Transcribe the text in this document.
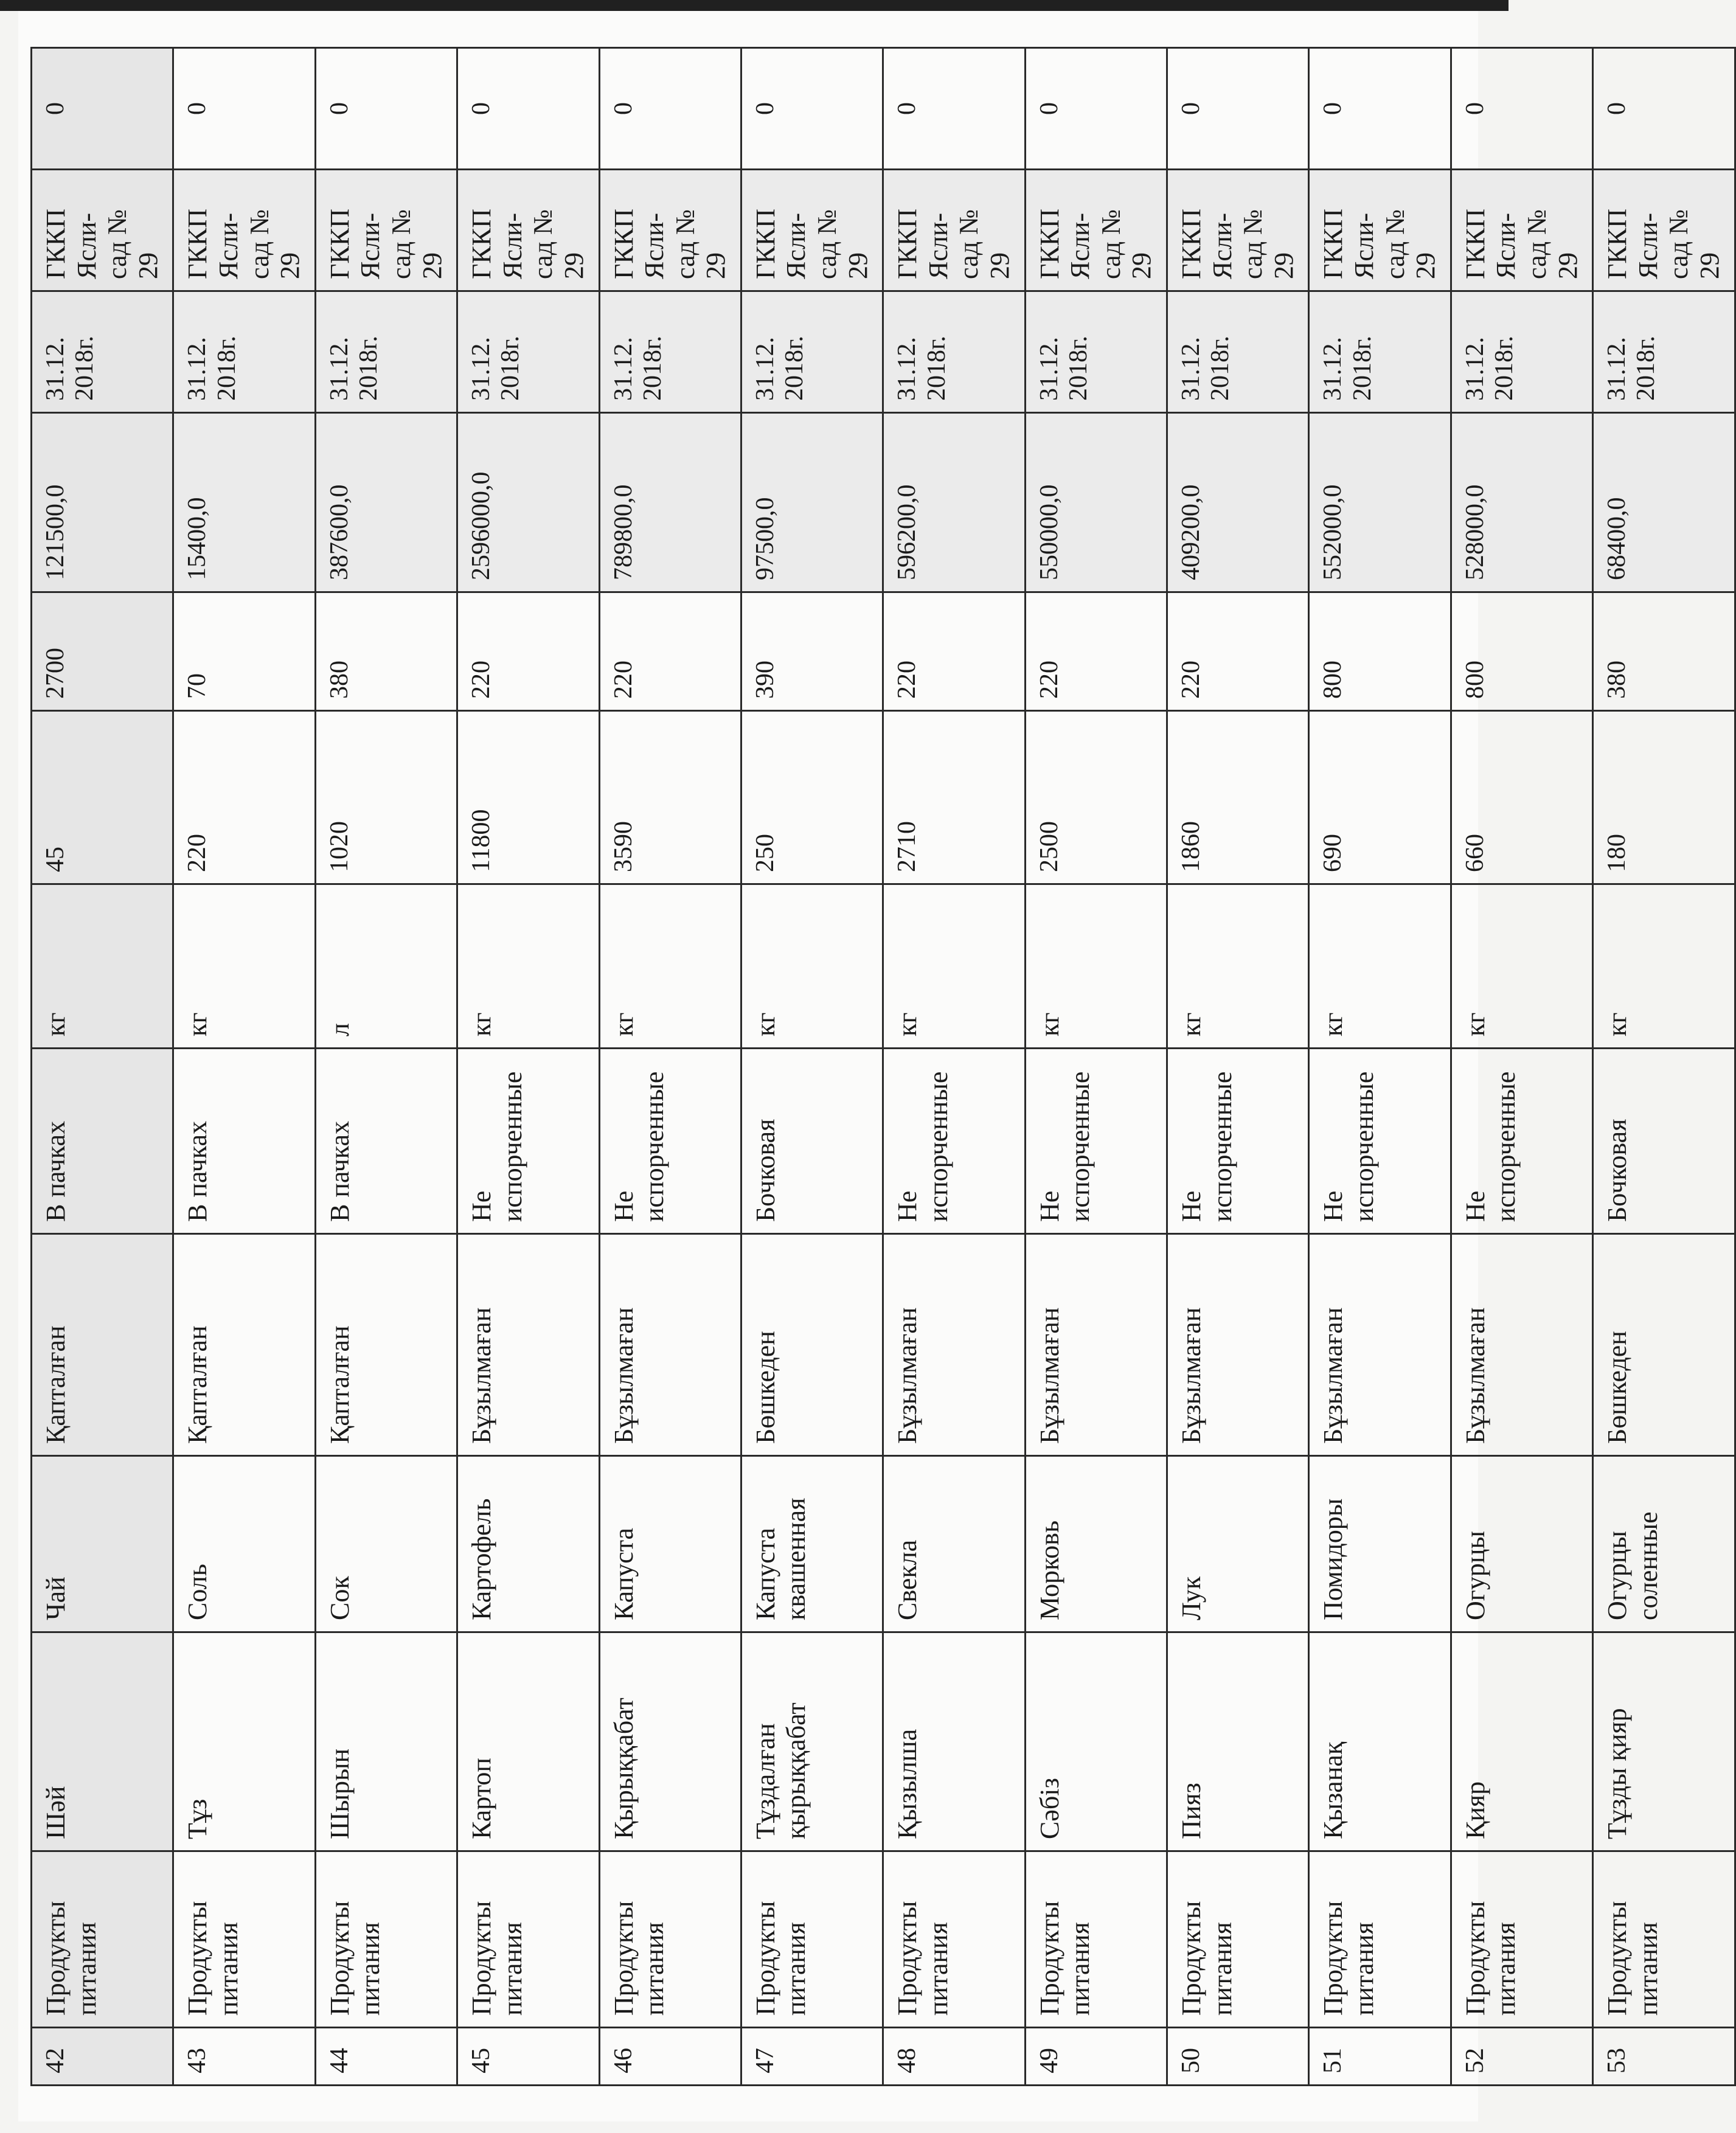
42	Продукты питания	Шәй	Чай	Қапталған	В пачках	кг	45	2700	121500,0	31.12. 2018г.	ГККП Ясли-сад № 29	0
43	Продукты питания	Тұз	Соль	Қапталған	В пачках	кг	220	70	15400,0	31.12. 2018г.	ГККП Ясли-сад № 29	0
44	Продукты питания	Шырын	Сок	Қапталған	В пачках	л	1020	380	387600,0	31.12. 2018г.	ГККП Ясли-сад № 29	0
45	Продукты питания	Картоп	Картофель	Бұзылмаған	Не испорченные	кг	11800	220	2596000,0	31.12. 2018г.	ГККП Ясли-сад № 29	0
46	Продукты питания	Қырыққабат	Капуста	Бұзылмаған	Не испорченные	кг	3590	220	789800,0	31.12. 2018г.	ГККП Ясли-сад № 29	0
47	Продукты питания	Тұздалған қырыққабат	Капуста квашенная	Бөшкеден	Бочковая	кг	250	390	97500,0	31.12. 2018г.	ГККП Ясли-сад № 29	0
48	Продукты питания	Қызылша	Свекла	Бұзылмаған	Не испорченные	кг	2710	220	596200,0	31.12. 2018г.	ГККП Ясли-сад № 29	0
49	Продукты питания	Сәбіз	Морковь	Бұзылмаған	Не испорченные	кг	2500	220	550000,0	31.12. 2018г.	ГККП Ясли-сад № 29	0
50	Продукты питания	Пияз	Лук	Бұзылмаған	Не испорченные	кг	1860	220	409200,0	31.12. 2018г.	ГККП Ясли-сад № 29	0
51	Продукты питания	Қызанақ	Помидоры	Бұзылмаған	Не испорченные	кг	690	800	552000,0	31.12. 2018г.	ГККП Ясли-сад № 29	0
52	Продукты питания	Қияр	Огурцы	Бұзылмаған	Не испорченные	кг	660	800	528000,0	31.12. 2018г.	ГККП Ясли-сад № 29	0
53	Продукты питания	Тұзды қияр	Огурцы соленные	Бөшкеден	Бочковая	кг	180	380	68400,0	31.12. 2018г.	ГККП Ясли-сад № 29	0
